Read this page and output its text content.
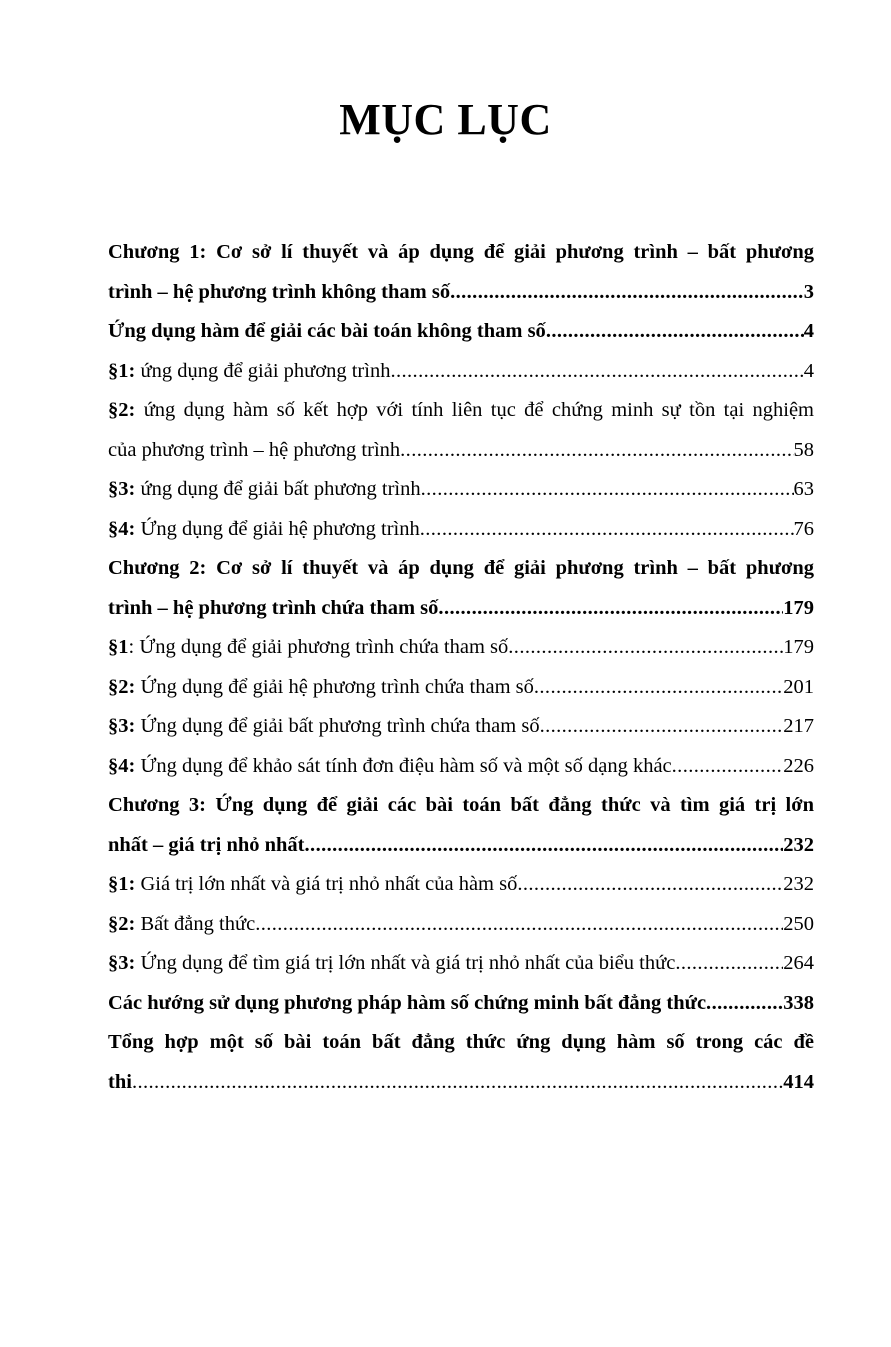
MỤC LỤC
Chương 1: Cơ sở lí thuyết và áp dụng để giải phương trình – bất phương
trình – hệ phương trình không tham số .....	3
Ứng dụng hàm để giải các bài toán không tham số .....	4
§1: ứng dụng để giải phương trình .....	4
§2: ứng dụng hàm số kết hợp với tính liên tục để chứng minh sự tồn tại nghiệm
của phương trình – hệ phương trình .....	58
§3: ứng dụng để giải bất phương trình .....	63
§4: Ứng dụng để giải hệ phương trình .....	76
Chương 2: Cơ sở lí thuyết và áp dụng để giải phương trình – bất phương
trình – hệ phương trình chứa tham số .....	179
§1: Ứng dụng để giải phương trình chứa tham số .....	179
§2: Ứng dụng để giải hệ phương trình chứa tham số .....	201
§3: Ứng dụng để giải bất phương trình chứa tham số .....	217
§4: Ứng dụng để khảo sát tính đơn điệu hàm số và một số dạng khác .....	226
Chương 3: Ứng dụng để giải các bài toán bất đẳng thức và tìm giá trị lớn
nhất – giá trị nhỏ nhất .....	232
§1: Giá trị lớn nhất và giá trị nhỏ nhất của hàm số .....	232
§2: Bất đẳng thức .....	250
§3: Ứng dụng để tìm giá trị lớn nhất và giá trị nhỏ nhất của biểu thức .....	264
Các hướng sử dụng phương pháp hàm số chứng minh bất đẳng thức .....	338
Tổng hợp một số bài toán bất đẳng thức ứng dụng hàm số trong các đề
thi .....	414
